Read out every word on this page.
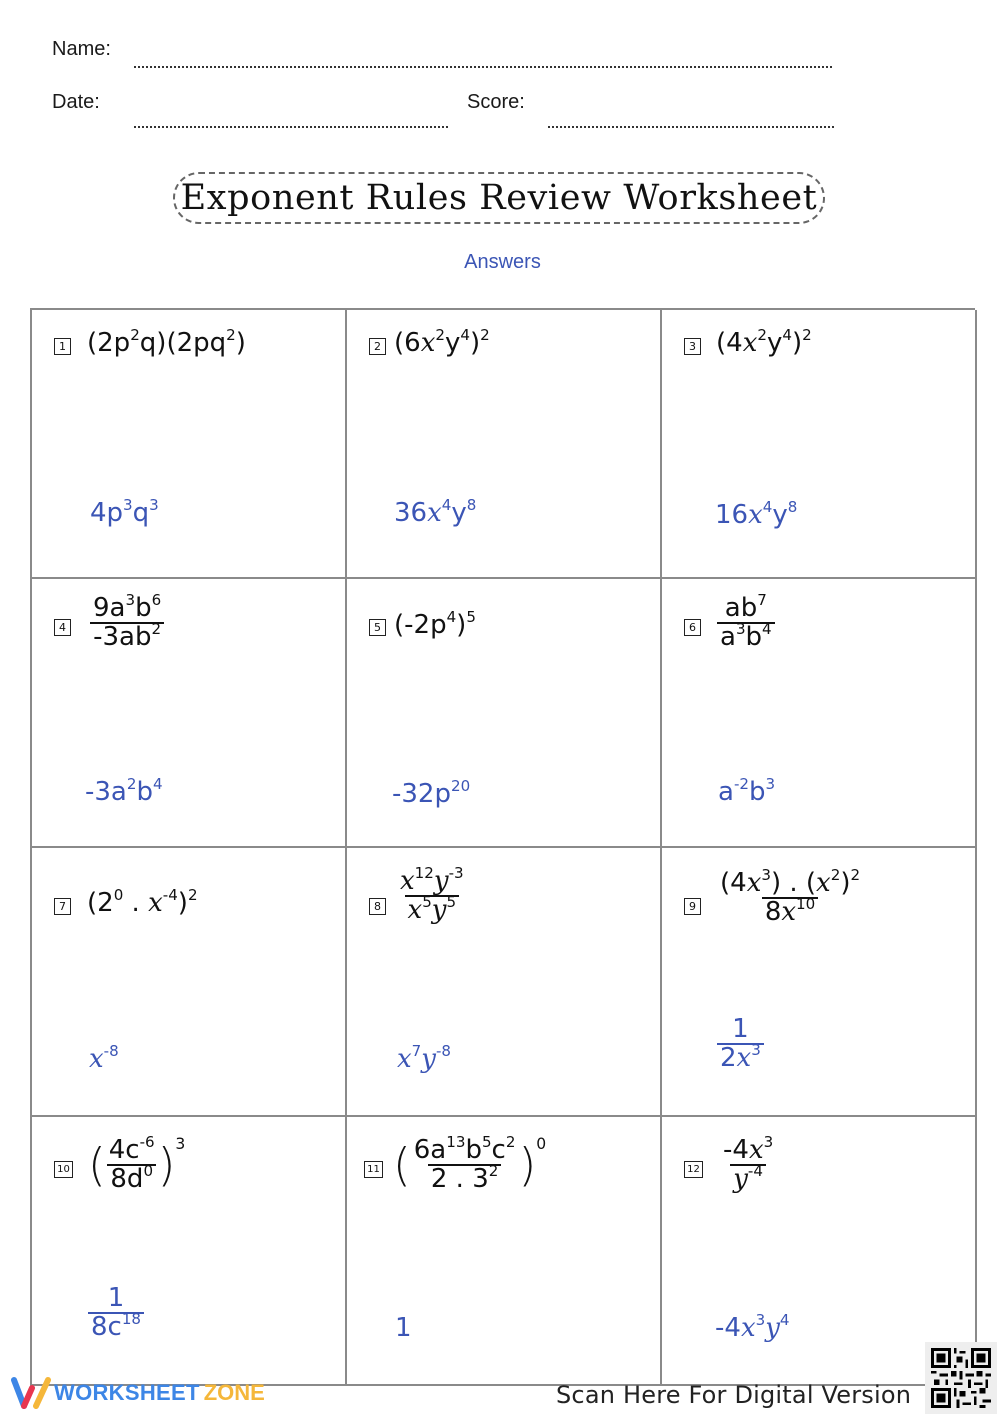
Name:
Date:	Score:
Exponent Rules Review Worksheet
Answers
1 $(2p^2q)(2pq^2)$
$4p^3q^3$
2 $(6x^2y^4)^2$
$36x^4y^8$
3 $(4x^2y^4)^2$
$16x^4y^8$
$4 \frac{9a^3b^6}{-3ab^2}$
$-3a^2b^4$
5 $(-2p^4)^5$
$-32p^{20}$
$6 \frac{ab^7}{a^3b^4}$
$a^{-2}b^3$
7 ($2^0$ . $x^{-4})^2$
$x^{-8}$
$8 \frac{x^{12}y^{-3}}{x^5y^5}$
$x^7y^{-8}$
$9 \frac{(4x^3) . (x^2)^2}{8x^{10}}$
$\frac{1}{2x^3}$
10 ( $\frac{4c^{-6}}{8d^0} )^3$
$\frac{1}{8c^{18}}$
11 ( $\frac{6a^{13}b^5c^2}{2 . 3^2} )^0$
1
$12 \frac{-4x^3}{y^{-4}}$
$-4x^3y^4$
WORKSHEET ZONE	Scan Here For Digital Version
